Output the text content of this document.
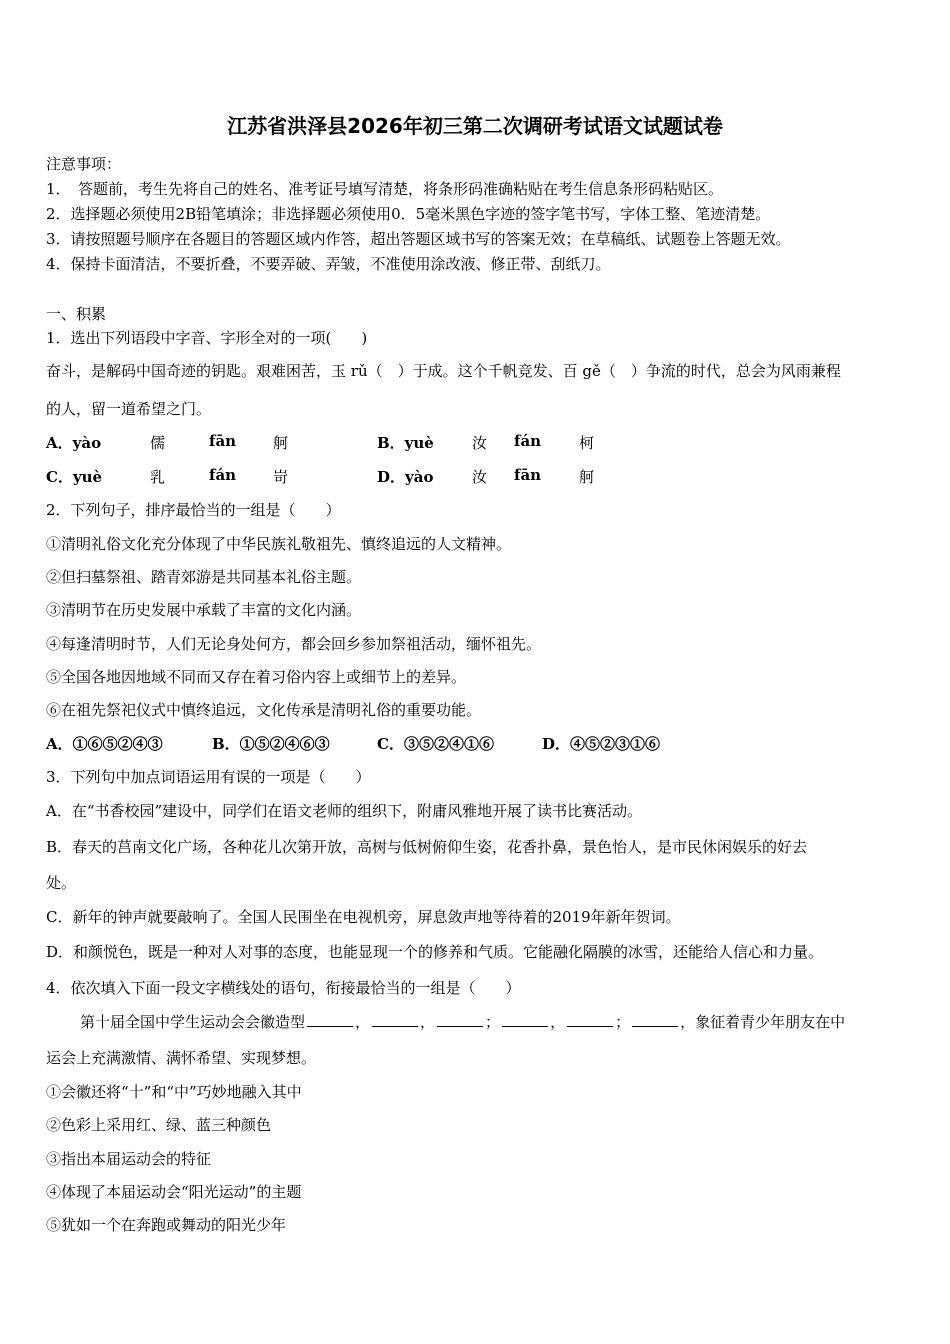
江苏省洪泽县2026年初三第二次调研考试语文试题试卷
注意事项：
1．　答题前，考生先将自己的姓名、准考证号填写清楚，将条形码准确粘贴在考生信息条形码粘贴区。
2．选择题必须使用2B铅笔填涂；非选择题必须使用0．5毫米黑色字迹的签字笔书写，字体工整、笔迹清楚。
3．请按照题号顺序在各题目的答题区域内作答，超出答题区域书写的答案无效；在草稿纸、试题卷上答题无效。
4．保持卡面清洁，不要折叠，不要弄破、弄皱，不准使用涂改液、修正带、刮纸刀。
一、积累
1．选出下列语段中字音、字形全对的一项(　　)
奋斗，是解码中国奇迹的钥匙。艰难困苦，玉 rǔ（　）于成。这个千帆竞发、百 gě（　）争流的时代，总会为风雨兼程
的人，留一道希望之门。
A．yào	儒	fān 舸	B．yuè	汝 fán	柯
C．yuè	乳	fán 岢	D．yào	汝 fān	舸
2．下列句子，排序最恰当的一组是（　　）
①清明礼俗文化充分体现了中华民族礼敬祖先、慎终追远的人文精神。
②但扫墓祭祖、踏青郊游是共同基本礼俗主题。
③清明节在历史发展中承载了丰富的文化内涵。
④每逢清明时节，人们无论身处何方，都会回乡参加祭祖活动，缅怀祖先。
⑤全国各地因地域不同而又存在着习俗内容上或细节上的差异。
⑥在祖先祭祀仪式中慎终追远，文化传承是清明礼俗的重要功能。
A．①⑥⑤②④③	B．①⑤②④⑥③	C．③⑤②④①⑥	D．④⑤②③①⑥
3．下列句中加点词语运用有误的一项是（　　）
A．在“书香校园”建设中，同学们在语文老师的组织下，附庸风雅地开展了读书比赛活动。
B．春天的莒南文化广场，各种花儿次第开放，高树与低树俯仰生姿，花香扑鼻，景色怡人，是市民休闲娱乐的好去
处。
C．新年的钟声就要敲响了。全国人民围坐在电视机旁，屏息敛声地等待着的2019年新年贺词。
D．和颜悦色，既是一种对人对事的态度，也能显现一个的修养和气质。它能融化隔膜的冰雪，还能给人信心和力量。
4．依次填入下面一段文字横线处的语句，衔接最恰当的一组是（　　）
第十届全国中学生运动会会徽造型	，	，	；	，	；	，象征着青少年朋友在中
运会上充满激情、满怀希望、实现梦想。
①会徽还将“十”和“中”巧妙地融入其中
②色彩上采用红、绿、蓝三种颜色
③指出本届运动会的特征
④体现了本届运动会“阳光运动”的主题
⑤犹如一个在奔跑或舞动的阳光少年
